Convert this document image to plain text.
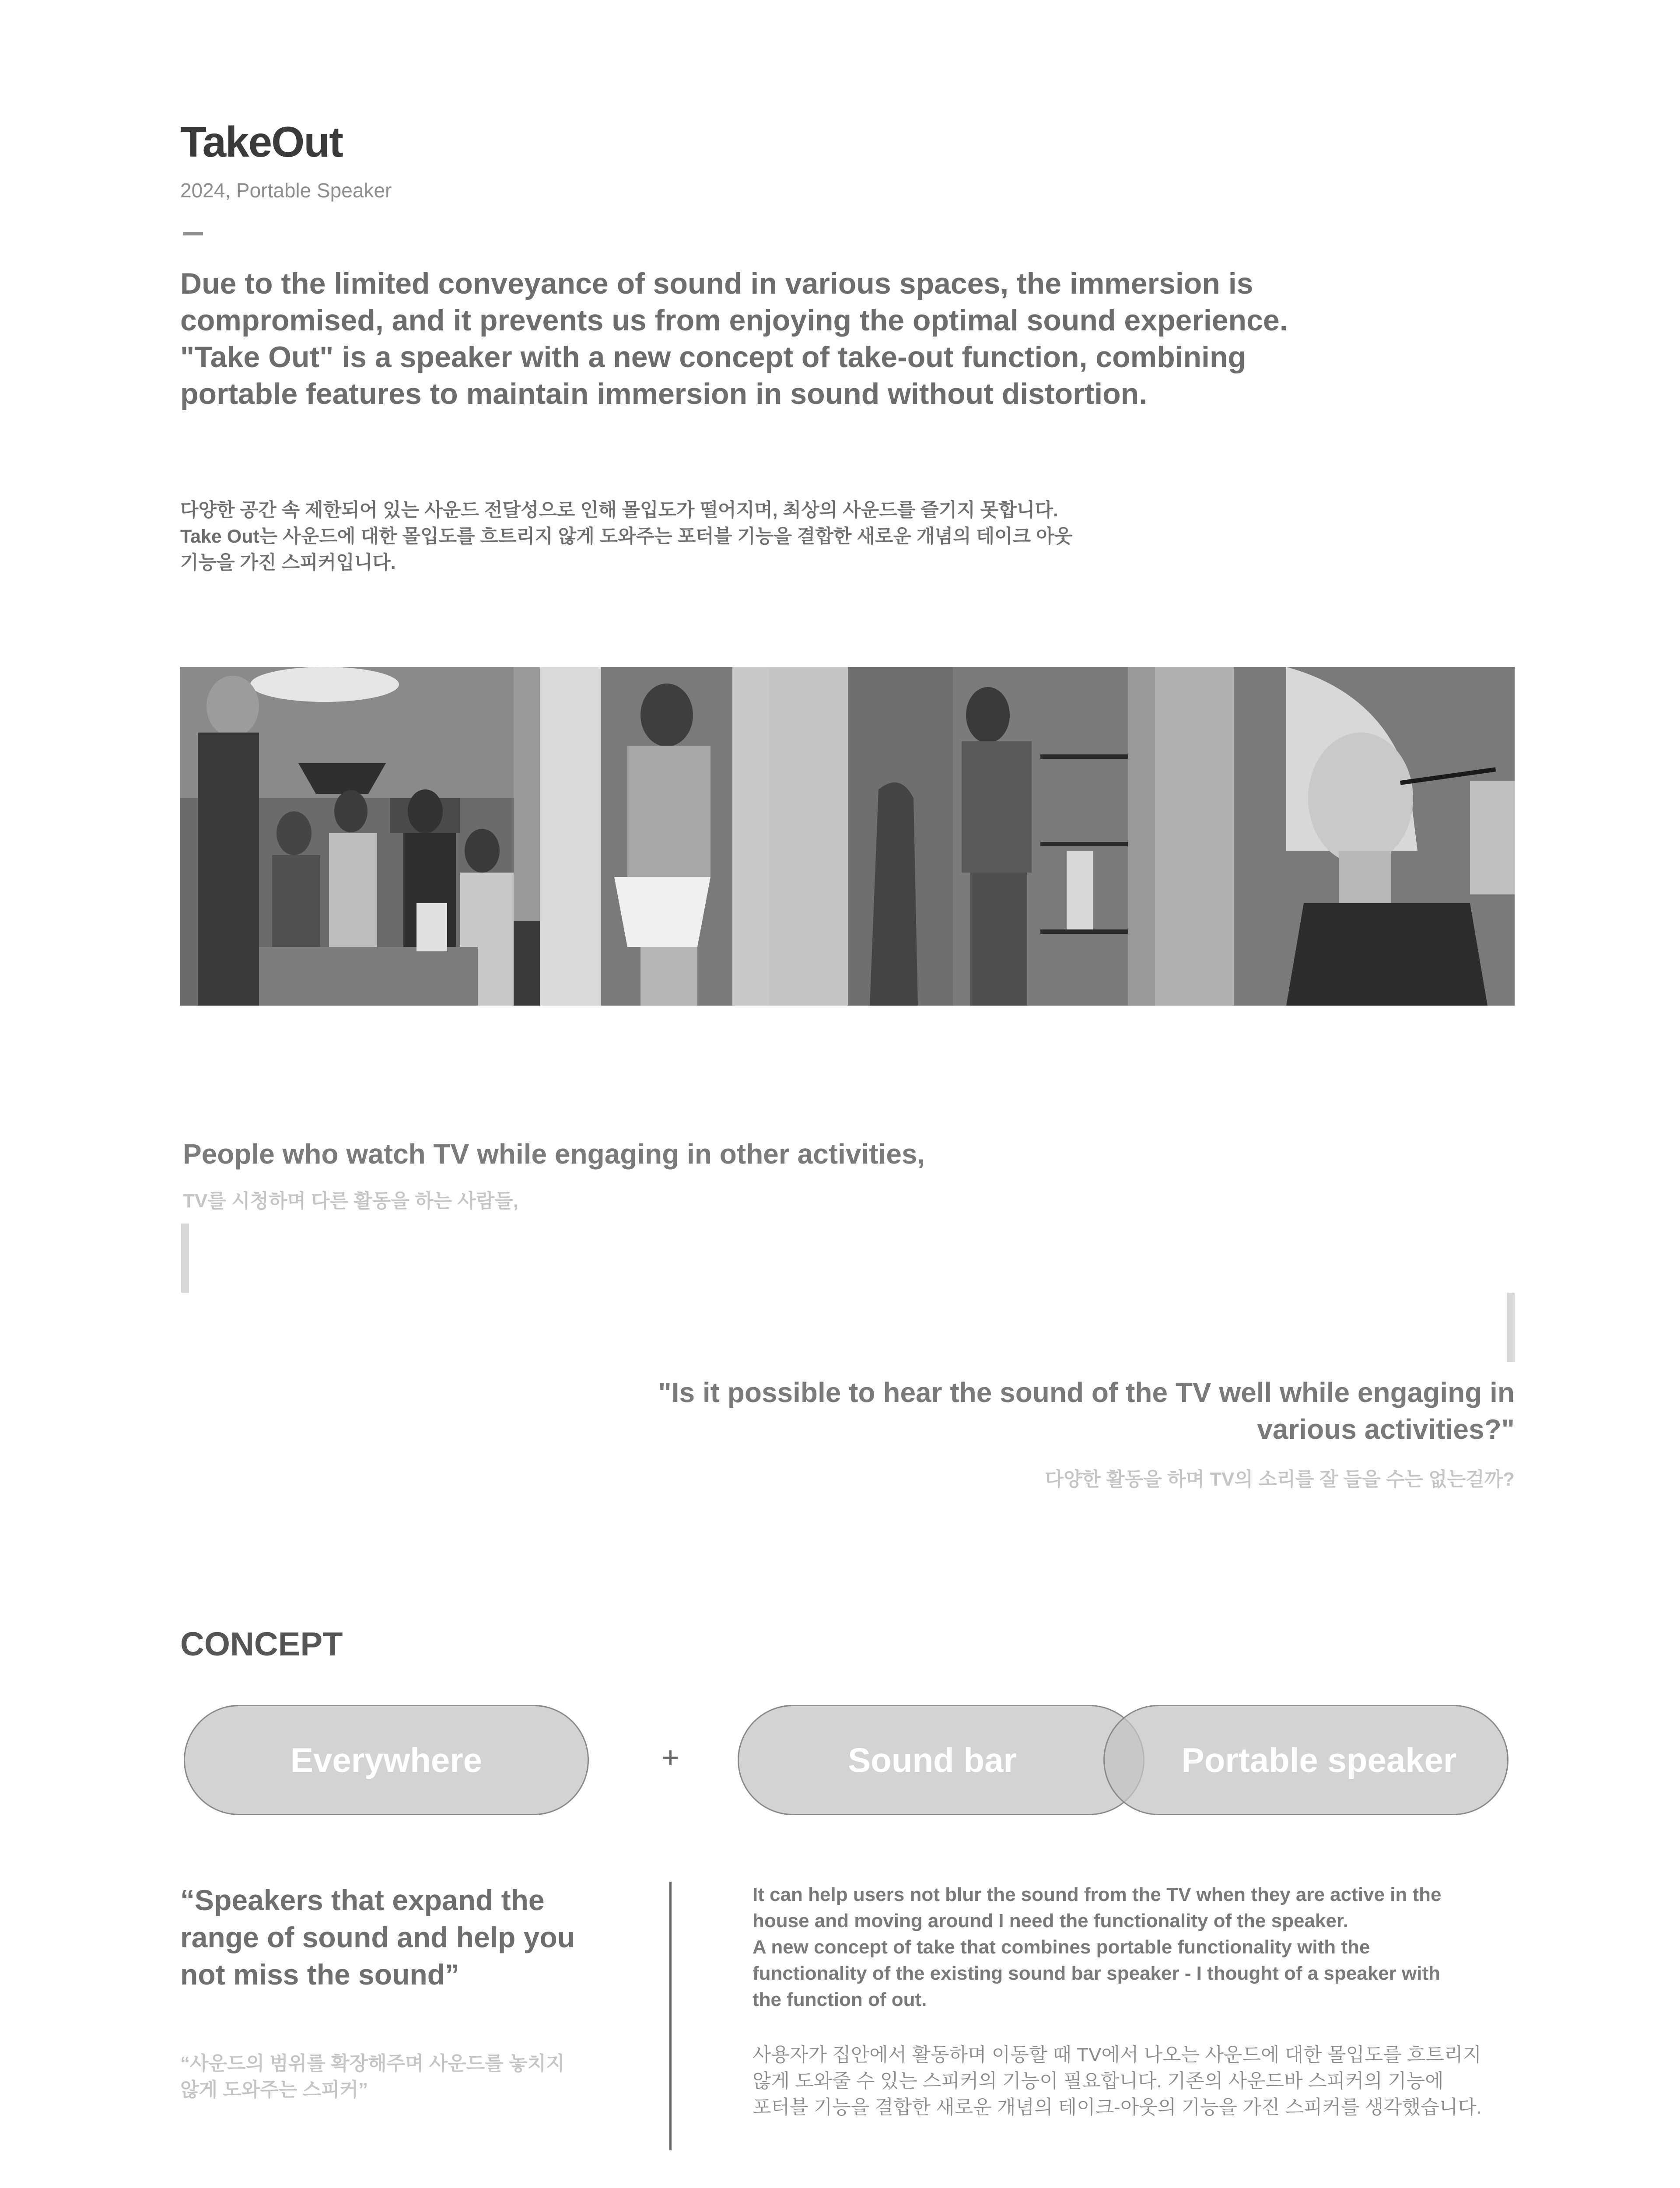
TakeOut
2024, Portable Speaker

Due to the limited conveyance of sound in various spaces, the immersion is
compromised, and it prevents us from enjoying the optimal sound experience.
"Take Out" is a speaker with a new concept of take-out function, combining
portable features to maintain immersion in sound without distortion.

다양한 공간 속 제한되어 있는 사운드 전달성으로 인해 몰입도가 떨어지며, 최상의 사운드를 즐기지 못합니다.
Take Out는 사운드에 대한 몰입도를 흐트리지 않게 도와주는 포터블 기능을 결합한 새로운 개념의 테이크 아웃
기능을 가진 스피커입니다.

People who watch TV while engaging in other activities,
TV를 시청하며 다른 활동을 하는 사람들,

"Is it possible to hear the sound of the TV well while engaging in
various activities?"

다양한 활동을 하며 TV의 소리를 잘 들을 수는 없는걸까?
CONCEPT
Everywhere	+	Sound bar	Portable speaker

“Speakers that expand the
range of sound and help you
not miss the sound”

“사운드의 범위를 확장해주며 사운드를 놓치지
않게 도와주는 스피커”

It can help users not blur the sound from the TV when they are active in the
house and moving around I need the functionality of the speaker.
A new concept of take that combines portable functionality with the
functionality of the existing sound bar speaker - I thought of a speaker with
the function of out.

사용자가 집안에서 활동하며 이동할 때 TV에서 나오는 사운드에 대한 몰입도를 흐트리지
않게 도와줄 수 있는 스피커의 기능이 필요합니다. 기존의 사운드바 스피커의 기능에
포터블 기능을 결합한 새로운 개념의 테이크-아웃의 기능을 가진 스피커를 생각했습니다.
